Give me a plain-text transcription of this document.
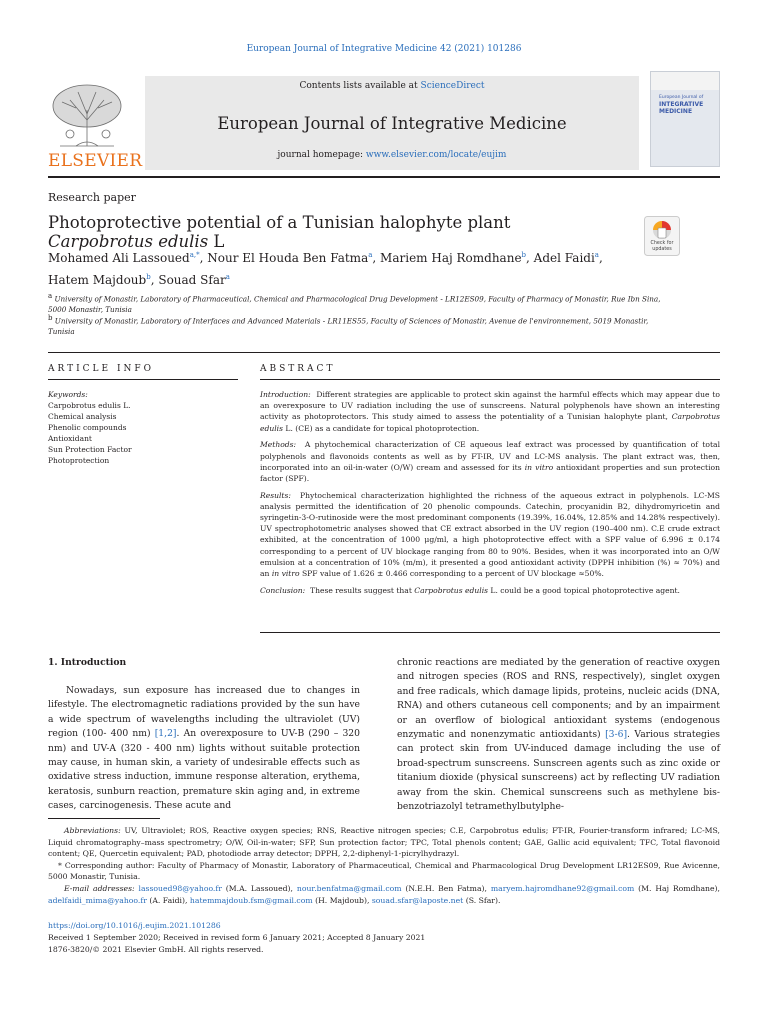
European Journal of Integrative Medicine 42 (2021) 101286
ELSEVIER
Contents lists available at ScienceDirect
European Journal of Integrative Medicine
journal homepage: www.elsevier.com/locate/eujim
European Journal of
INTEGRATIVE
MEDICINE
Research paper
Photoprotective potential of a Tunisian halophyte plant Carpobrotus edulis L	Check for
updates
Mohamed Ali Lassoued$^{a,*}$, Nour El Houda Ben Fatma$^a$, Mariem Haj Romdhane$^b$, Adel Faidi$^a$,
Hatem Majdoub$^b$, Souad Sfar$^a$
$^a$ University of Monastir, Laboratory of Pharmaceutical, Chemical and Pharmacological Drug Development - LR12ES09, Faculty of Pharmacy of Monastir, Rue Ibn Sina, 5000 Monastir, Tunisia
$^b$ University of Monastir, Laboratory of Interfaces and Advanced Materials - LR11ES55, Faculty of Sciences of Monastir, Avenue de l'environnement, 5019 Monastir, Tunisia
ARTICLE INFO	ABSTRACT
Keywords:
Carpobrotus edulis L.
Chemical analysis
Phenolic compounds
Antioxidant
Sun Protection Factor
Photoprotection

Introduction: Different strategies are applicable to protect skin against the harmful effects which may appear due to an overexposure to UV radiation including the use of sunscreens. Natural polyphenols have shown an interesting activity as photoprotectors. This study aimed to assess the potentiality of a Tunisian halophyte plant, Carpobrotus edulis L. (CE) as a candidate for topical photoprotection.

Methods: A phytochemical characterization of CE aqueous leaf extract was processed by quantification of total polyphenols and flavonoids contents as well as by FT-IR, UV and LC-MS analysis. The plant extract was, then, incorporated into an oil-in-water (O/W) cream and assessed for its in vitro antioxidant properties and sun protection factor (SPF).

Results: Phytochemical characterization highlighted the richness of the aqueous extract in polyphenols. LC-MS analysis permitted the identification of 20 phenolic compounds. Catechin, procyanidin B2, dihydromyricetin and syringetin-3-O-rutinoside were the most predominant components (19.39%, 16.04%, 12.85% and 14.28% respectively). UV spectrophotometric analyses showed that CE extract absorbed in the UV region (190–400 nm). C.E crude extract exhibited, at the concentration of 1000 μg/ml, a high photoprotective effect with a SPF value of 6.996 ± 0.174 corresponding to a percent of UV blockage ranging from 80 to 90%. Besides, when it was incorporated into an O/W emulsion at a concentration of 10% (m/m), it presented a good antioxidant activity (DPPH inhibition (%) ≈ 70%) and an in vitro SPF value of 1.626 ± 0.466 corresponding to a percent of UV blockage ≈50%.

Conclusion: These results suggest that Carpobrotus edulis L. could be a good topical photoprotective agent.

1. Introduction

Nowadays, sun exposure has increased due to changes in lifestyle. The electromagnetic radiations provided by the sun have a wide spectrum of wavelengths including the ultraviolet (UV) region (100- 400 nm) [1,2]. An overexposure to UV-B (290 – 320 nm) and UV-A (320 - 400 nm) lights without suitable protection may cause, in human skin, a variety of undesirable effects such as oxidative stress induction, immune response alteration, erythema, keratosis, sunburn reaction, premature skin aging and, in extreme cases, carcinogenesis. These acute and

chronic reactions are mediated by the generation of reactive oxygen and nitrogen species (ROS and RNS, respectively), singlet oxygen and free radicals, which damage lipids, proteins, nucleic acids (DNA, RNA) and others cutaneous cell components; and by an impairment or an overflow of biological antioxidant systems (endogenous enzymatic and nonenzymatic antioxidants) [3-6]. Various strategies can protect skin from UV-induced damage including the use of broad-spectrum sunscreens. Sunscreen agents such as zinc oxide or titanium dioxide (physical sunscreens) act by reflecting UV radiation away from the skin. Chemical sunscreens such as methylene bis-benzotriazolyl tetramethylbutylphe-

Abbreviations: UV, Ultraviolet; ROS, Reactive oxygen species; RNS, Reactive nitrogen species; C.E, Carpobrotus edulis; FT-IR, Fourier-transform infrared; LC-MS, Liquid chromatography–mass spectrometry; O/W, Oil-in-water; SFP, Sun protection factor; TPC, Total phenols content; GAE, Gallic acid equivalent; TFC, Total flavonoid content; QE, Quercetin equivalent; PAD, photodiode array detector; DPPH, 2,2-diphenyl-1-picrylhydrazyl.

* Corresponding author: Faculty of Pharmacy of Monastir, Laboratory of Pharmaceutical, Chemical and Pharmacological Drug Development LR12ES09, Rue Avicenne, 5000 Monastir, Tunisia.

E-mail addresses: lassoued98@yahoo.fr (M.A. Lassoued), nour.benfatma@gmail.com (N.E.H. Ben Fatma), maryem.hajromdhane92@gmail.com (M. Haj Romdhane), adelfaidi_mima@yahoo.fr (A. Faidi), hatemmajdoub.fsm@gmail.com (H. Majdoub), souad.sfar@laposte.net (S. Sfar).

https://doi.org/10.1016/j.eujim.2021.101286
Received 1 September 2020; Received in revised form 6 January 2021; Accepted 8 January 2021
1876-3820/© 2021 Elsevier GmbH. All rights reserved.
